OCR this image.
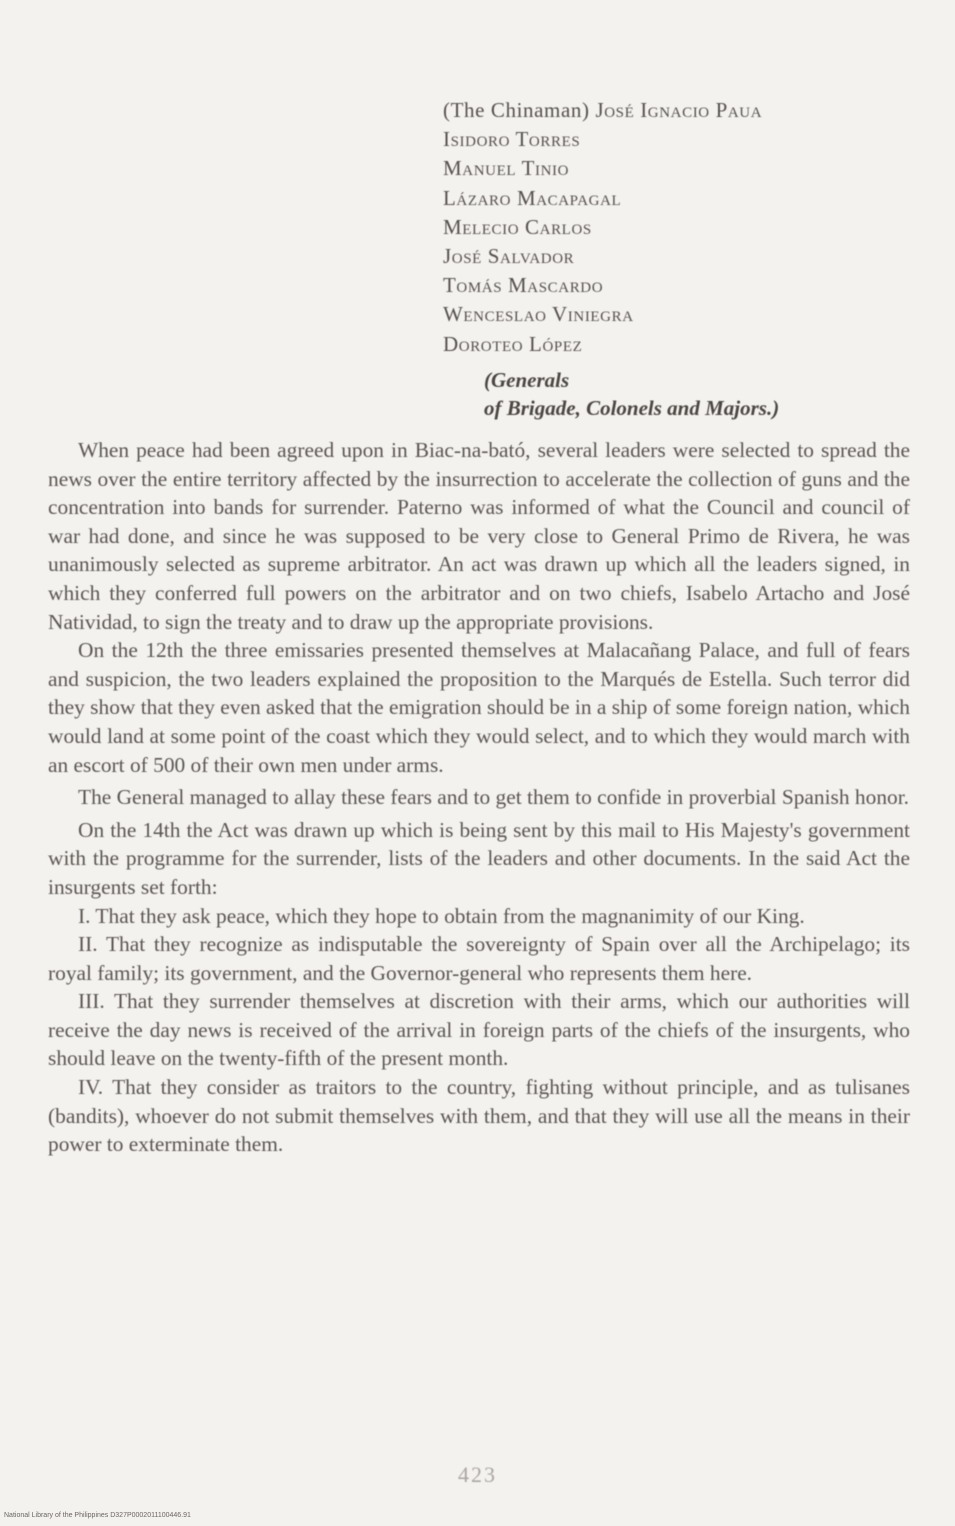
(The Chinaman) José Ignacio Paua
Isidoro Torres
Manuel Tinio
Lázaro Macapagal
Melecio Carlos
José Salvador
Tomás Mascardo
Wenceslao Viniegra
Doroteo López
(Generals
of Brigade, Colonels and Majors.)

When peace had been agreed upon in Biac-na-bató, several leaders were selected to spread the news over the entire territory affected by the insurrection to accelerate the collection of guns and the concentration into bands for surrender. Paterno was informed of what the Council and council of war had done, and since he was supposed to be very close to General Primo de Rivera, he was unanimously selected as supreme arbitrator. An act was drawn up which all the leaders signed, in which they conferred full powers on the arbitrator and on two chiefs, Isabelo Artacho and José Natividad, to sign the treaty and to draw up the appropriate provisions.

On the 12th the three emissaries presented themselves at Malacañang Palace, and full of fears and suspicion, the two leaders explained the proposition to the Marqués de Estella. Such terror did they show that they even asked that the emigration should be in a ship of some foreign nation, which would land at some point of the coast which they would select, and to which they would march with an escort of 500 of their own men under arms.

The General managed to allay these fears and to get them to confide in proverbial Spanish honor.

On the 14th the Act was drawn up which is being sent by this mail to His Majesty's government with the programme for the surrender, lists of the leaders and other documents. In the said Act the insurgents set forth:

I. That they ask peace, which they hope to obtain from the magnanimity of our King.

II. That they recognize as indisputable the sovereignty of Spain over all the Archipelago; its royal family; its government, and the Governor-general who represents them here.

III. That they surrender themselves at discretion with their arms, which our authorities will receive the day news is received of the arrival in foreign parts of the chiefs of the insurgents, who should leave on the twenty-fifth of the present month.

IV. That they consider as traitors to the country, fighting without principle, and as tulisanes (bandits), whoever do not submit themselves with them, and that they will use all the means in their power to exterminate them.

423
National Library of the Philippines D327P0002011100446.91
